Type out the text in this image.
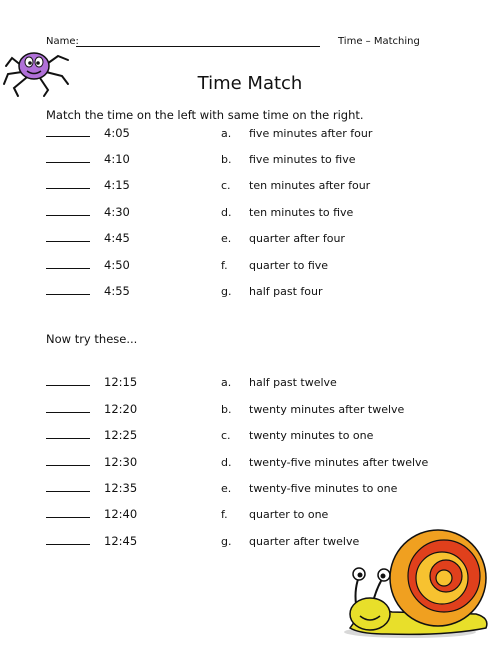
Name:	Time – Matching
Time Match
Match the time on the left with same time on the right.
4:05	a. five minutes after four
4:10	b. five minutes to five
4:15	c. ten minutes after four
4:30	d. ten minutes to five
4:45	e. quarter after four
4:50	f. quarter to five
4:55	g. half past four
Now try these...
12:15	a. half past twelve
12:20	b. twenty minutes after twelve
12:25	c. twenty minutes to one
12:30	d. twenty-five minutes after twelve
12:35	e. twenty-five minutes to one
12:40	f. quarter to one
12:45	g. quarter after twelve
